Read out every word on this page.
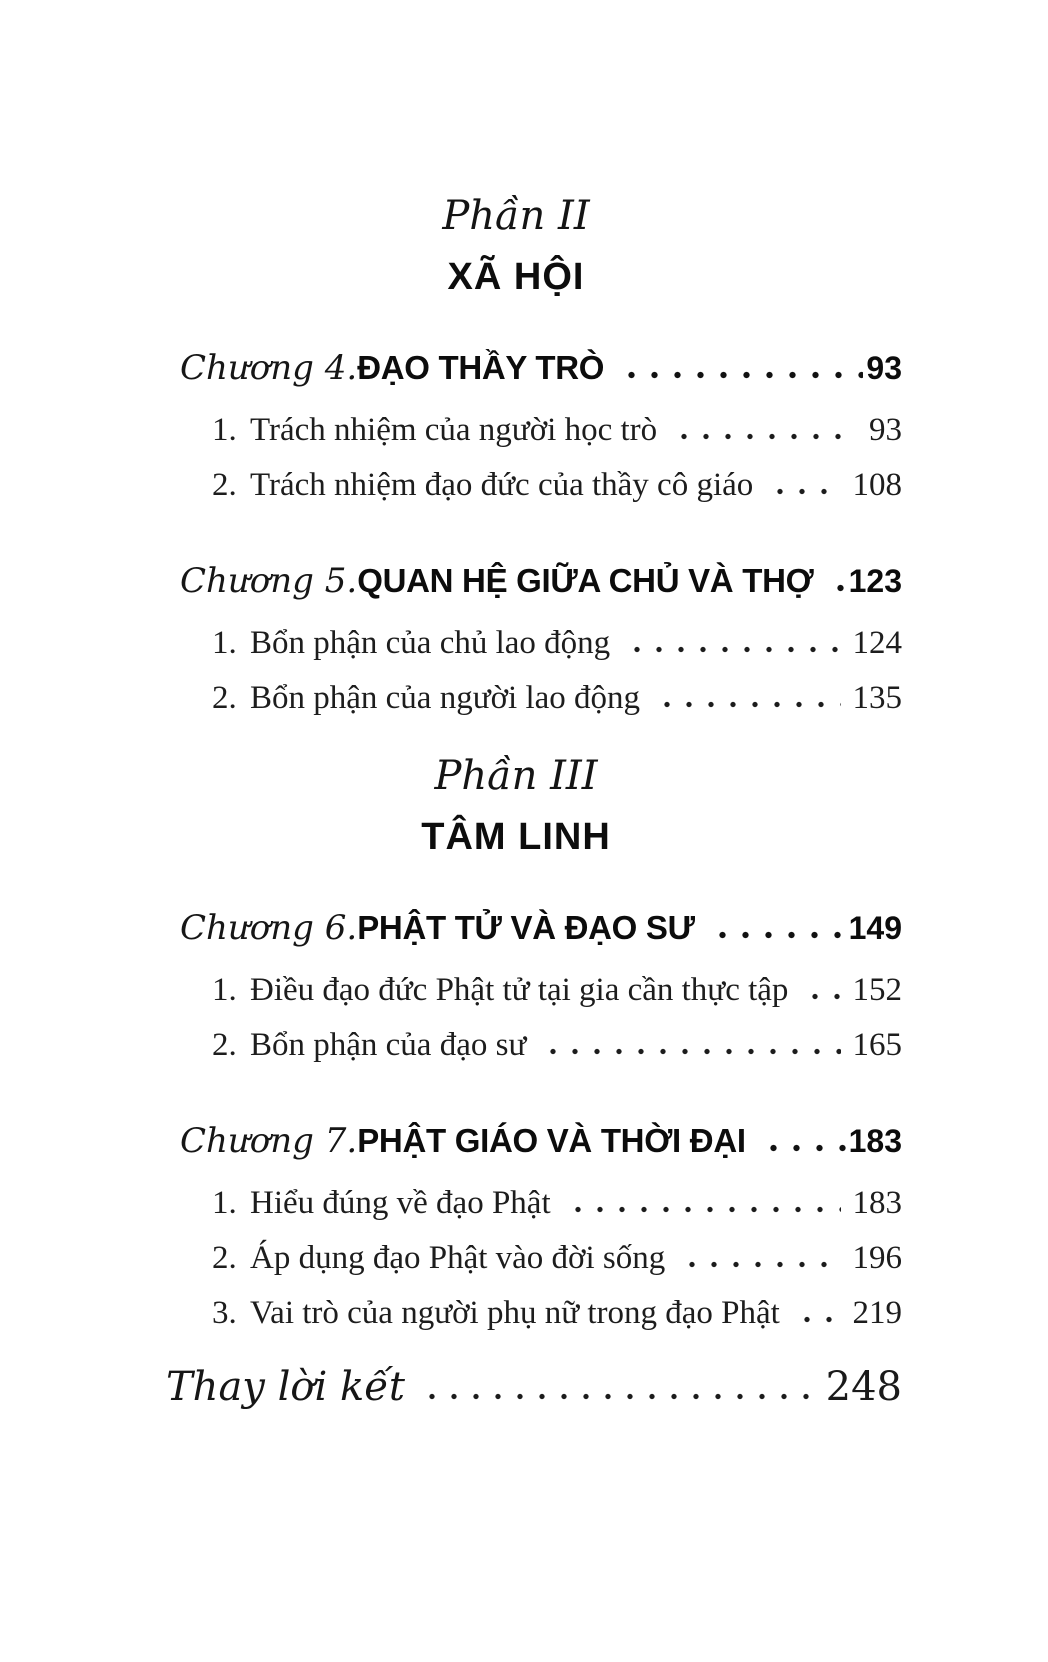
Phần II
XÃ HỘI
Chương 4. ĐẠO THẦY TRÒ	93
1. Trách nhiệm của người học trò	93
2. Trách nhiệm đạo đức của thầy cô giáo	108
Chương 5. QUAN HỆ GIỮA CHỦ VÀ THỢ 123
1. Bổn phận của chủ lao động	124
2. Bổn phận của người lao động	135
Phần III
TÂM LINH
Chương 6. PHẬT TỬ VÀ ĐẠO SƯ	149
1. Điều đạo đức Phật tử tại gia cần thực tập 152
2. Bổn phận của đạo sư	165
Chương 7. PHẬT GIÁO VÀ THỜI ĐẠI	183
1. Hiểu đúng về đạo Phật	183
2. Áp dụng đạo Phật vào đời sống	196
3. Vai trò của người phụ nữ trong đạo Phật 219
Thay lời kết	248
